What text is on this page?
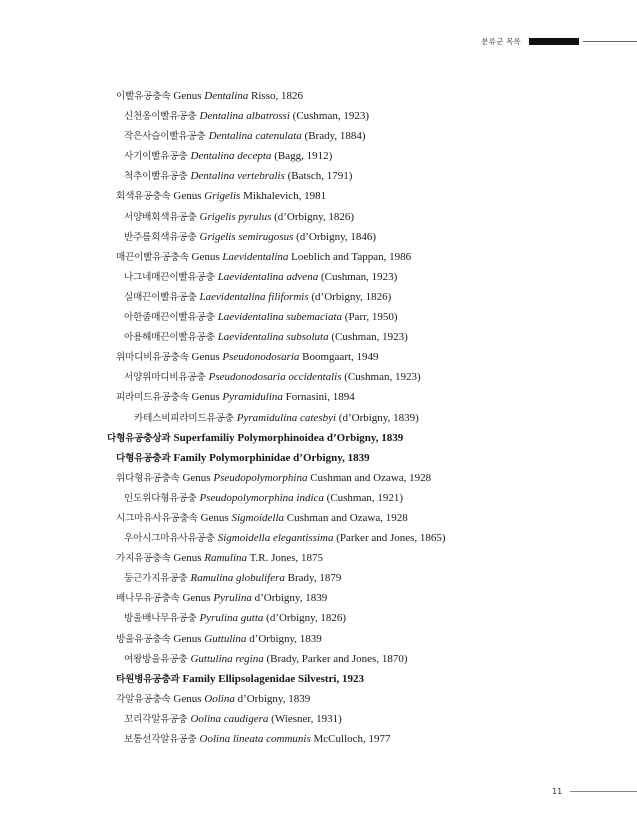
분류군 목록
이빨유공충속 Genus Dentalina Risso, 1826
신천옹이빨유공충 Dentalina albatrossi (Cushman, 1923)
작은사슬이빨유공충 Dentalina catenulata (Brady, 1884)
사기이빨유공충 Dentalina decepta (Bagg, 1912)
척추이빨유공충 Dentalina vertebralis (Batsch, 1791)
회색유공충속 Genus Grigelis Mikhalevich, 1981
서양배회색유공충 Grigelis pyrulus (d’Orbigny, 1826)
반주름회색유공충 Grigelis semirugosus (d’Orbigny, 1846)
매끈이빨유공충속 Genus Laevidentalina Loeblich and Tappan, 1986
나그네매끈이빨유공충 Laevidentalina advena (Cushman, 1923)
실매끈이빨유공충 Laevidentalina filiformis (d’Orbigny, 1826)
아한줌매끈이빨유공충 Laevidentalina subemaciata (Parr, 1950)
아용해매끈이빨유공충 Laevidentalina subsoluta (Cushman, 1923)
위마디비유공충속 Genus Pseudonodosaria Boomgaart, 1949
서양위마디비유공충 Pseudonodosaria occidentalis (Cushman, 1923)
피라미드유공충속 Genus Pyramidulina Fornasini, 1894
카테스비피라미드유공충 Pyramidulina catesbyi (d’Orbigny, 1839)
다형유공충상과 Superfamiliy Polymorphinoidea d’Orbigny, 1839
다형유공충과 Family Polymorphinidae d’Orbigny, 1839
위다형유공충속 Genus Pseudopolymorphina Cushman and Ozawa, 1928
인도위다형유공충 Pseudopolymorphina indica (Cushman, 1921)
시그마유사유공충속 Genus Sigmoidella Cushman and Ozawa, 1928
우아시그마유사유공충 Sigmoidella elegantissima (Parker and Jones, 1865)
가지유공충속 Genus Ramulina T.R. Jones, 1875
둥근가지유공충 Ramulina globulifera Brady, 1879
배나무유공충속 Genus Pyrulina d’Orbigny, 1839
방울배나무유공충 Pyrulina gutta (d’Orbigny, 1826)
방울유공충속 Genus Guttulina d’Orbigny, 1839
여왕방울유공충 Guttulina regina (Brady, Parker and Jones, 1870)
타원병유공충과 Family Ellipsolagenidae Silvestri, 1923
각알유공충속 Genus Oolina d’Orbigny, 1839
꼬리각알유공충 Oolina caudigera (Wiesner, 1931)
보통선각알유공충 Oolina lineata communis McCulloch, 1977
11
